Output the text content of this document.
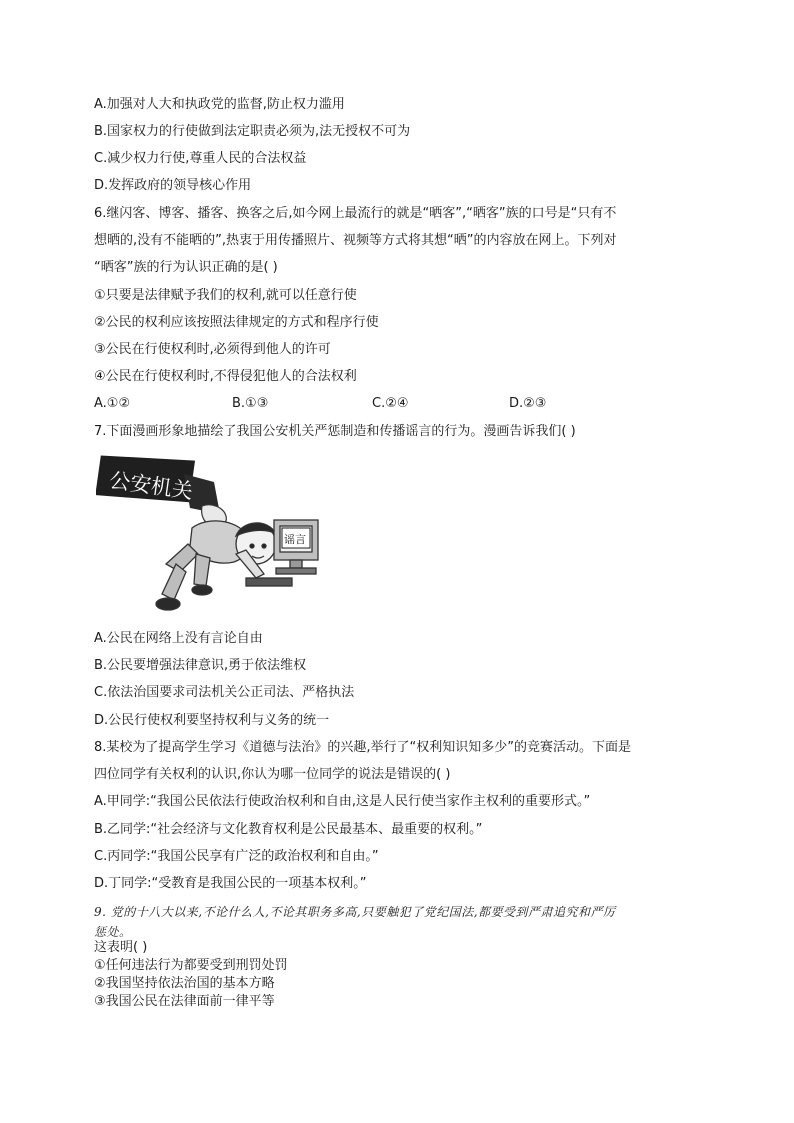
A.加强对人大和执政党的监督,防止权力滥用
B.国家权力的行使做到法定职责必须为,法无授权不可为
C.减少权力行使,尊重人民的合法权益
D.发挥政府的领导核心作用
6.继闪客、博客、播客、换客之后,如今网上最流行的就是“晒客”,“晒客”族的口号是“只有不
想晒的,没有不能晒的”,热衷于用传播照片、视频等方式将其想“晒”的内容放在网上。下列对
“晒客”族的行为认识正确的是( )
①只要是法律赋予我们的权利,就可以任意行使
②公民的权利应该按照法律规定的方式和程序行使
③公民在行使权利时,必须得到他人的许可
④公民在行使权利时,不得侵犯他人的合法权利
A.①②	B.①③	C.②④	D.②③
7.下面漫画形象地描绘了我国公安机关严惩制造和传播谣言的行为。漫画告诉我们( )
公安机关
谣言
A.公民在网络上没有言论自由
B.公民要增强法律意识,勇于依法维权
C.依法治国要求司法机关公正司法、严格执法
D.公民行使权利要坚持权利与义务的统一
8.某校为了提高学生学习《道德与法治》的兴趣,举行了“权利知识知多少”的竞赛活动。下面是
四位同学有关权利的认识,你认为哪一位同学的说法是错误的( )
A.甲同学:“我国公民依法行使政治权利和自由,这是人民行使当家作主权利的重要形式。”
B.乙同学:“社会经济与文化教育权利是公民最基本、最重要的权利。”
C.丙同学:“我国公民享有广泛的政治权利和自由。”
D.丁同学:“受教育是我国公民的一项基本权利。”
9. 党的十八大以来,不论什么人,不论其职务多高,只要触犯了党纪国法,都要受到严肃追究和严厉
惩处。
这表明( )
①任何违法行为都要受到刑罚处罚
②我国坚持依法治国的基本方略
③我国公民在法律面前一律平等
